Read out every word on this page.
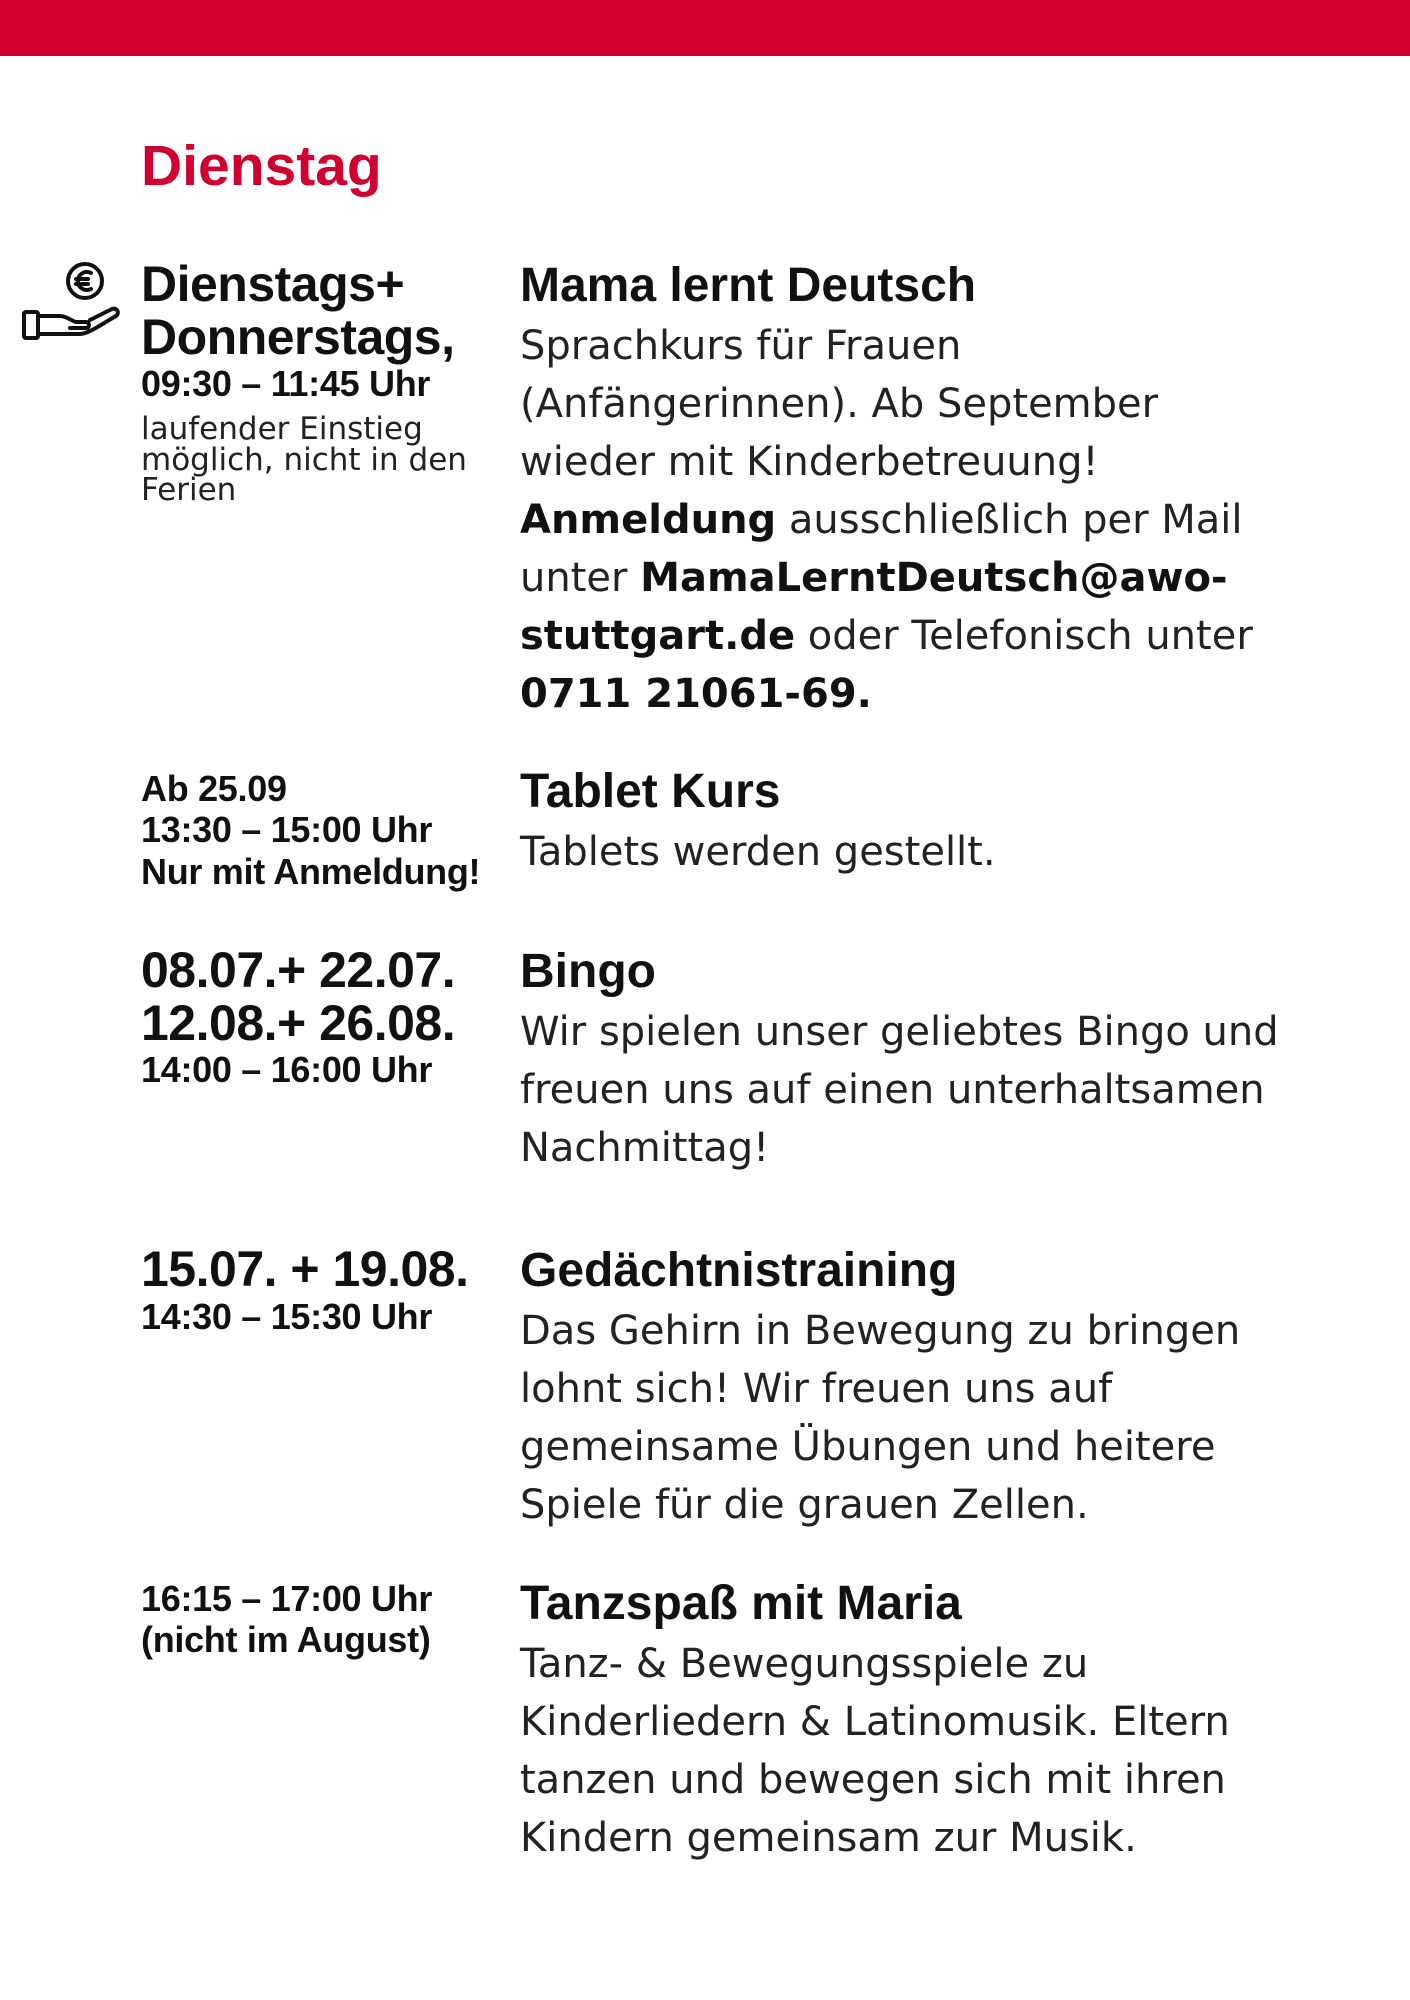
Dienstag
Dienstags+
Donnerstags,
09:30 – 11:45 Uhr
laufender Einstieg möglich, nicht in den Ferien
Mama lernt Deutsch

Sprachkurs für Frauen (Anfängerinnen). Ab September wieder mit Kinderbetreuung! Anmeldung ausschließlich per Mail unter MamaLerntDeutsch@awo-stuttgart.de oder Telefonisch unter 0711 21061-69.

Ab 25.09
13:30 – 15:00 Uhr
Nur mit Anmeldung!
Tablet Kurs

Tablets werden gestellt.

08.07.+ 22.07.
12.08.+ 26.08.
14:00 – 16:00 Uhr
Bingo

Wir spielen unser geliebtes Bingo und freuen uns auf einen unterhaltsamen Nachmittag!

15.07. + 19.08.
14:30 – 15:30 Uhr
Gedächtnistraining

Das Gehirn in Bewegung zu bringen lohnt sich! Wir freuen uns auf gemeinsame Übungen und heitere Spiele für die grauen Zellen.

16:15 – 17:00 Uhr
(nicht im August)
Tanzspaß mit Maria

Tanz- & Bewegungsspiele zu Kinderliedern & Latinomusik. Eltern tanzen und bewegen sich mit ihren Kindern gemeinsam zur Musik.
